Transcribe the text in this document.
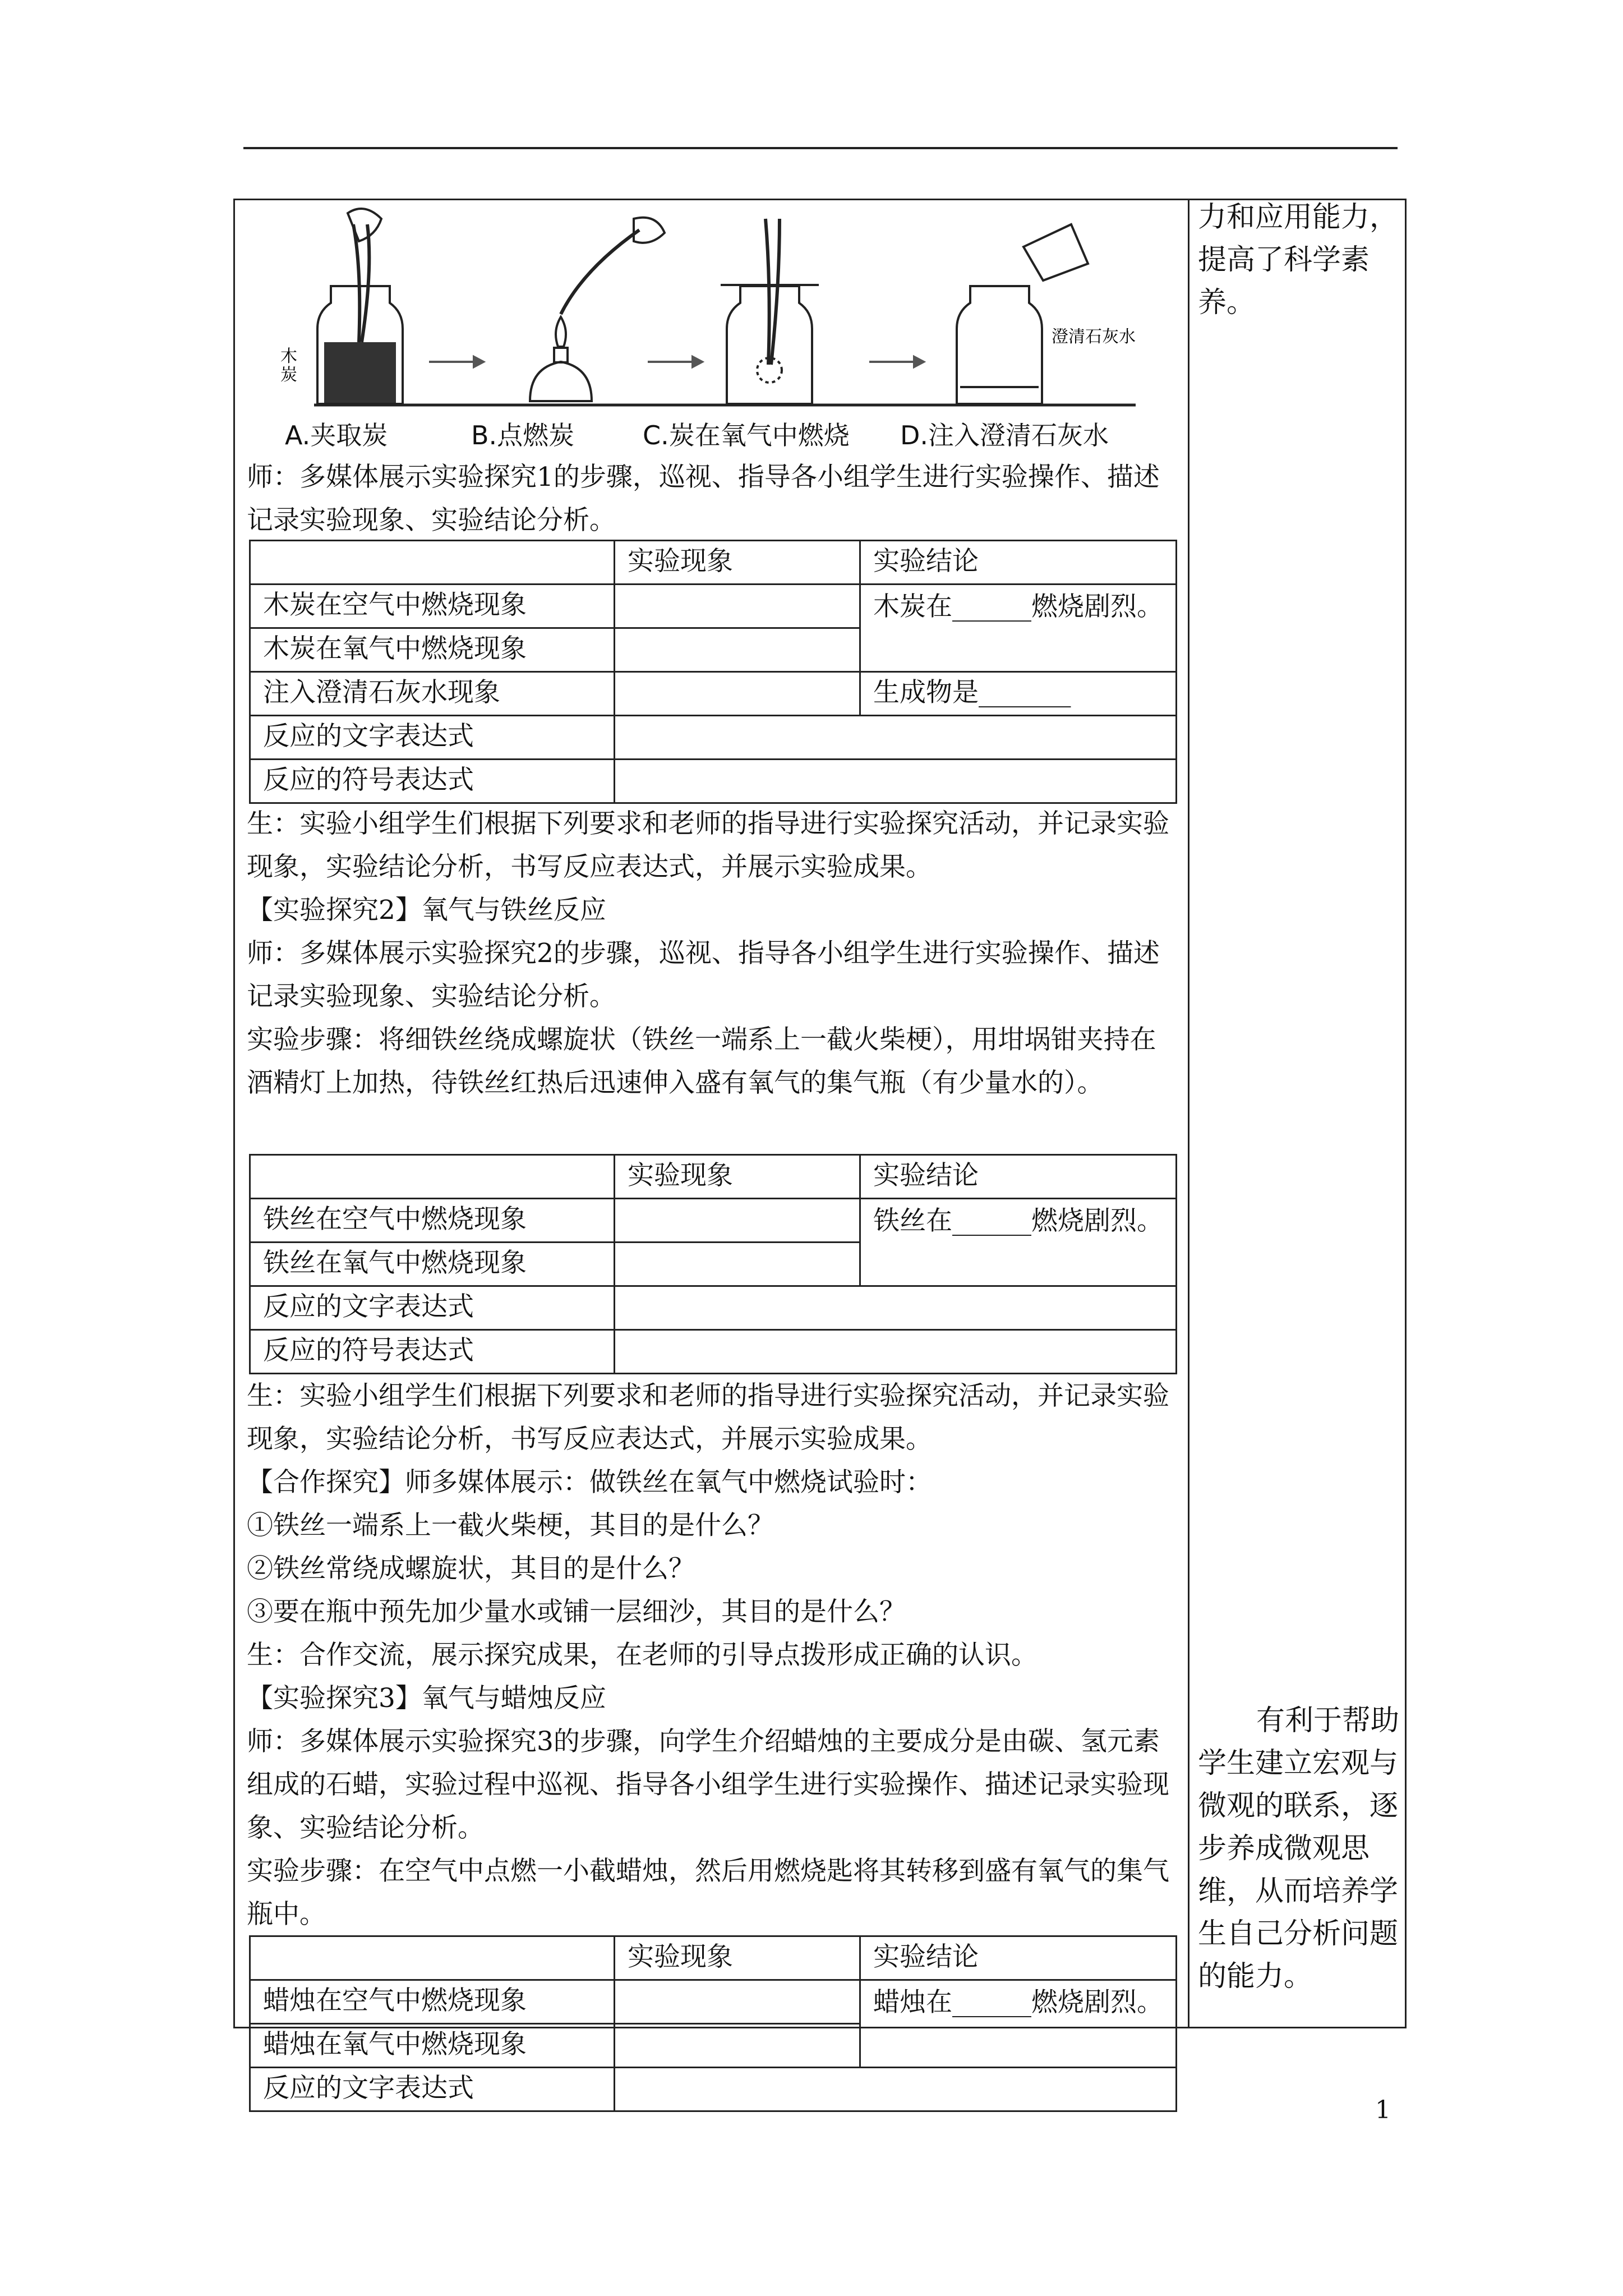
木
炭
澄清石灰水
A.夹取炭	B.点燃炭	C.炭在氧气中燃烧 D.注入澄清石灰水
力和应用能力，提高了科学素养。
有利于帮助学生建立宏观与微观的联系，逐步养成微观思维，从而培养学生自己分析问题的能力。
师：多媒体展示实验探究1的步骤，巡视、指导各小组学生进行实验操作、描述记录实验现象、实验结论分析。
	实验现象	实验结论
木炭在空气中燃烧现象		木炭在______燃烧剧烈。
木炭在氧气中燃烧现象		
注入澄清石灰水现象		生成物是_______
反应的文字表达式		
反应的符号表达式		
生：实验小组学生们根据下列要求和老师的指导进行实验探究活动，并记录实验现象，实验结论分析，书写反应表达式，并展示实验成果。
【实验探究2】氧气与铁丝反应
师：多媒体展示实验探究2的步骤，巡视、指导各小组学生进行实验操作、描述记录实验现象、实验结论分析。
实验步骤：将细铁丝绕成螺旋状（铁丝一端系上一截火柴梗），用坩埚钳夹持在酒精灯上加热，待铁丝红热后迅速伸入盛有氧气的集气瓶（有少量水的）。
	实验现象	实验结论
铁丝在空气中燃烧现象		铁丝在______燃烧剧烈。
铁丝在氧气中燃烧现象		
反应的文字表达式		
反应的符号表达式		
生：实验小组学生们根据下列要求和老师的指导进行实验探究活动，并记录实验现象，实验结论分析，书写反应表达式，并展示实验成果。
【合作探究】师多媒体展示：做铁丝在氧气中燃烧试验时：
①铁丝一端系上一截火柴梗，其目的是什么？
②铁丝常绕成螺旋状，其目的是什么？
③要在瓶中预先加少量水或铺一层细沙，其目的是什么？
生：合作交流，展示探究成果，在老师的引导点拨形成正确的认识。
【实验探究3】氧气与蜡烛反应
师：多媒体展示实验探究3的步骤，向学生介绍蜡烛的主要成分是由碳、氢元素组成的石蜡，实验过程中巡视、指导各小组学生进行实验操作、描述记录实验现象、实验结论分析。
实验步骤：在空气中点燃一小截蜡烛，然后用燃烧匙将其转移到盛有氧气的集气瓶中。
	实验现象	实验结论
蜡烛在空气中燃烧现象		蜡烛在______燃烧剧烈。
蜡烛在氧气中燃烧现象		
反应的文字表达式		
1
